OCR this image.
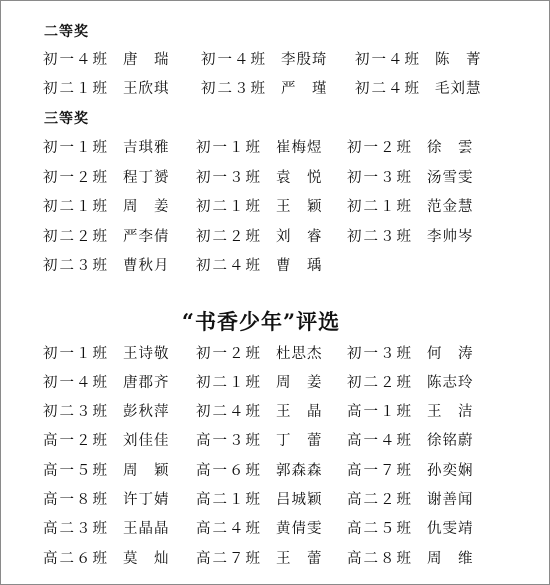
二等奖
初一４班 唐　瑞 初一４班 李殷琦 初一４班 陈　菁
初二１班 王欣琪 初二３班 严　瑾 初二４班 毛刘慧
三等奖
初一１班 吉琪雅 初一１班 崔梅煜 初一２班 徐　雲
初一２班 程丁赟 初一３班 袁　悦 初一３班 汤雪雯
初二１班 周　姜 初二１班 王　颖 初二１班 范金慧
初二２班 严李倩 初二２班 刘　睿 初二３班 李帅岑
初二３班 曹秋月 初二４班 曹　瑀
“书香少年”评选
初一１班 王诗敬 初一２班 杜思杰 初一３班 何　涛
初一４班 唐郡齐 初二１班 周　姜 初二２班 陈志玲
初二３班 彭秋萍 初二４班 王　晶 高一１班 王　洁
高一２班 刘佳佳 高一３班 丁　蕾 高一４班 徐铭蔚
高一５班 周　颖 高一６班 郭森森 高一７班 孙奕娴
高一８班 许丁婧 高二１班 吕城颖 高二２班 谢善闻
高二３班 王晶晶 高二４班 黄倩雯 高二５班 仇雯靖
高二６班 莫　灿 高二７班 王　蕾 高二８班 周　维
